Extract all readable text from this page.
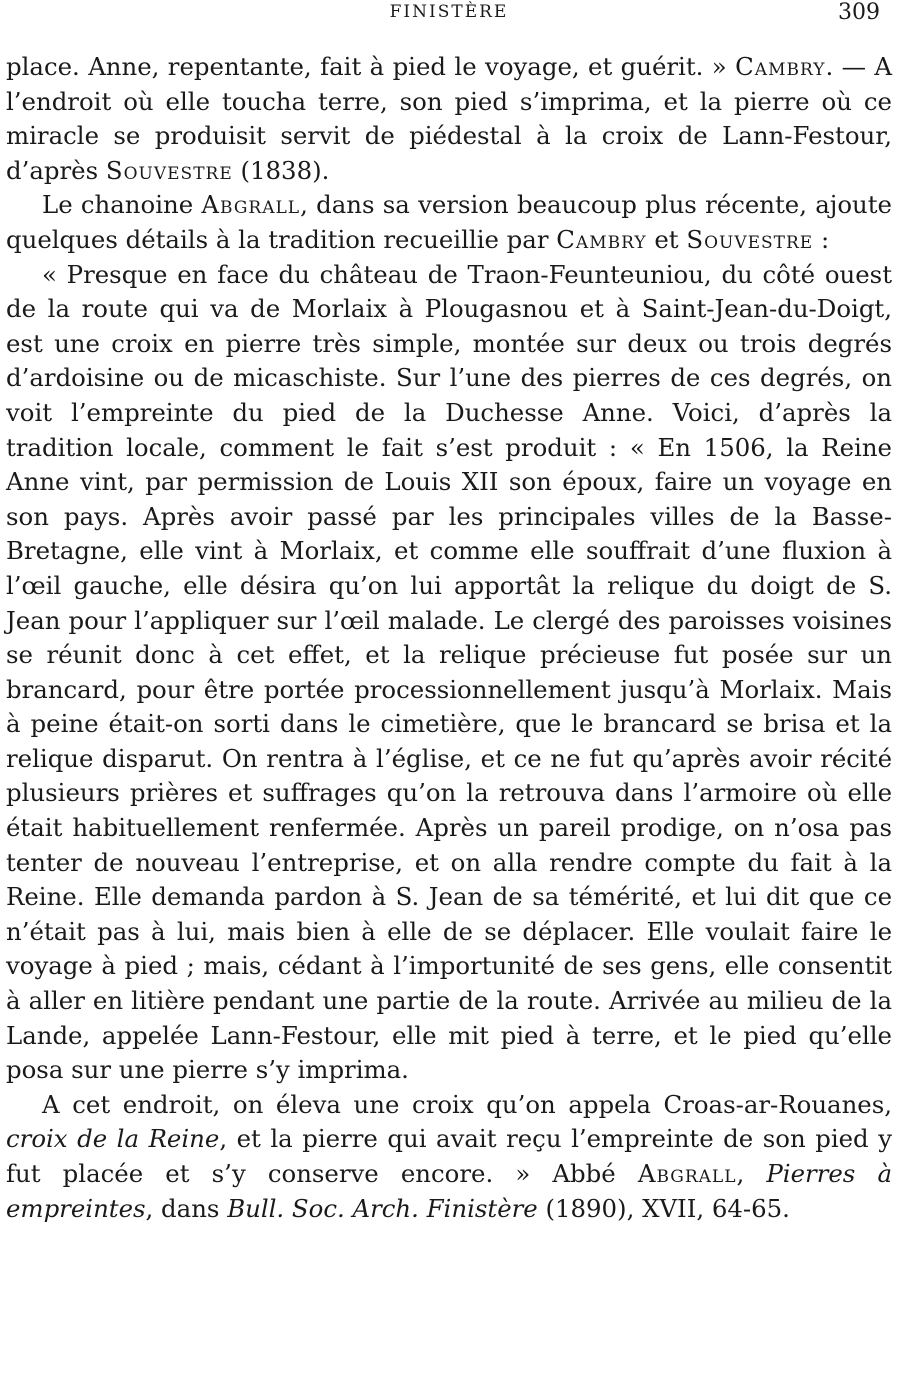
FINISTÈRE	309

place. Anne, repentante, fait à pied le voyage, et guérit. » Cambry. — A l’endroit où elle toucha terre, son pied s’imprima, et la pierre où ce miracle se produisit servit de piédestal à la croix de Lann-Festour, d’après Souvestre (1838).

Le chanoine Abgrall, dans sa version beaucoup plus récente, ajoute quelques détails à la tradition recueillie par Cambry et Souvestre :

« Presque en face du château de Traon-Feunteuniou, du côté ouest de la route qui va de Morlaix à Plougasnou et à Saint-Jean-du-Doigt, est une croix en pierre très simple, montée sur deux ou trois degrés d’ardoisine ou de micaschiste. Sur l’une des pierres de ces degrés, on voit l’empreinte du pied de la Duchesse Anne. Voici, d’après la tradition locale, comment le fait s’est produit : « En 1506, la Reine Anne vint, par permission de Louis XII son époux, faire un voyage en son pays. Après avoir passé par les principales villes de la Basse-Bretagne, elle vint à Morlaix, et comme elle souffrait d’une fluxion à l’œil gauche, elle désira qu’on lui apportât la relique du doigt de S. Jean pour l’appliquer sur l’œil malade. Le clergé des paroisses voisines se réunit donc à cet effet, et la relique précieuse fut posée sur un brancard, pour être portée processionnellement jusqu’à Morlaix. Mais à peine était-on sorti dans le cimetière, que le brancard se brisa et la relique disparut. On rentra à l’église, et ce ne fut qu’après avoir récité plusieurs prières et suffrages qu’on la retrouva dans l’armoire où elle était habituellement renfermée. Après un pareil prodige, on n’osa pas tenter de nouveau l’entreprise, et on alla rendre compte du fait à la Reine. Elle demanda pardon à S. Jean de sa témérité, et lui dit que ce n’était pas à lui, mais bien à elle de se déplacer. Elle voulait faire le voyage à pied ; mais, cédant à l’importunité de ses gens, elle consentit à aller en litière pendant une partie de la route. Arrivée au milieu de la Lande, appelée Lann-Festour, elle mit pied à terre, et le pied qu’elle posa sur une pierre s’y imprima.

A cet endroit, on éleva une croix qu’on appela Croas-ar-Rouanes, croix de la Reine, et la pierre qui avait reçu l’empreinte de son pied y fut placée et s’y conserve encore. » Abbé Abgrall, Pierres à empreintes, dans Bull. Soc. Arch. Finistère (1890), XVII, 64-65.
